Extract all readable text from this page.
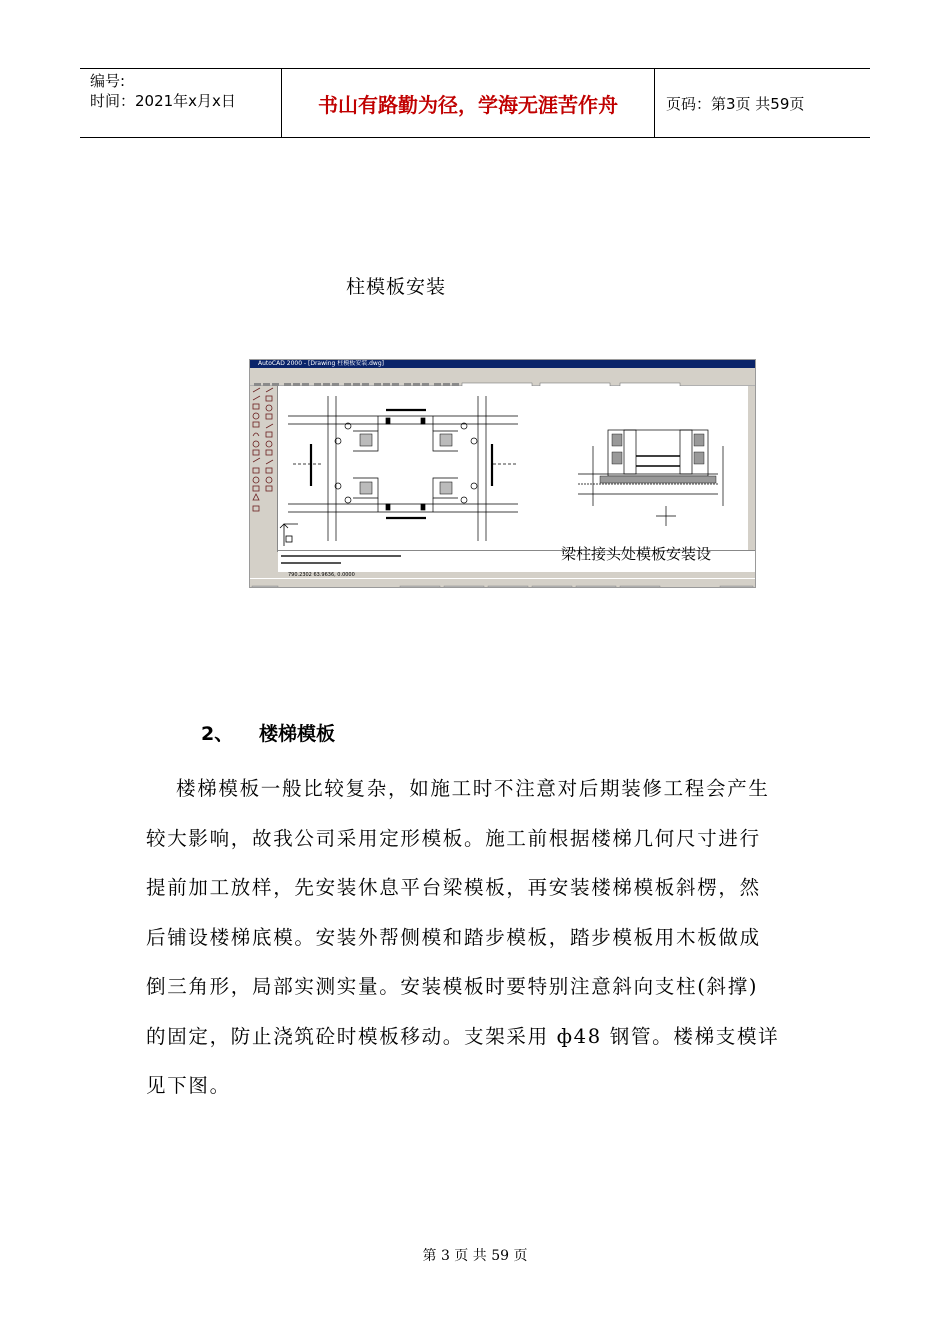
编号:
时间：2021年x月x日	书山有路勤为径，学海无涯苦作舟	页码：第3页 共59页
柱模板安装
AutoCAD 2000 - [Drawing 柱模板安装.dwg]
梁柱接头处模板安装设
790.2302 63.9636, 0.0000
2、 楼梯模板
楼梯模板一般比较复杂，如施工时不注意对后期装修工程会产生
较大影响，故我公司采用定形模板。施工前根据楼梯几何尺寸进行
提前加工放样，先安装休息平台梁模板，再安装楼梯模板斜楞，然
后铺设楼梯底模。安装外帮侧模和踏步模板，踏步模板用木板做成
倒三角形，局部实测实量。安装模板时要特别注意斜向支柱(斜撑)
的固定，防止浇筑砼时模板移动。支架采用 ф48 钢管。楼梯支模详
见下图。
第 3 页 共 59 页
